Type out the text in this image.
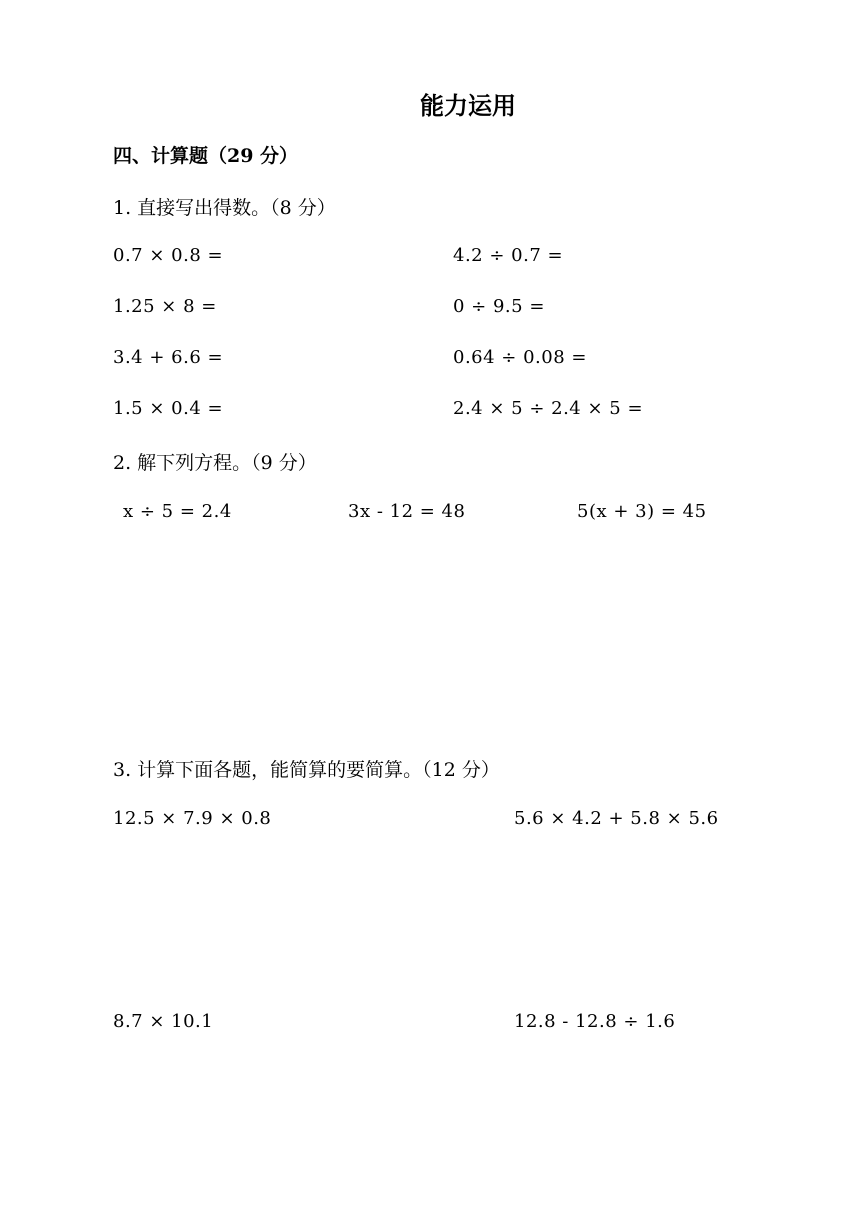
能力运用
四、计算题（29 分）
1. 直接写出得数。（8 分）
0.7 × 0.8 =	4.2 ÷ 0.7 =
1.25 × 8 =	0 ÷ 9.5 =
3.4 + 6.6 =	0.64 ÷ 0.08 =
1.5 × 0.4 =	2.4 × 5 ÷ 2.4 × 5 =
2. 解下列方程。（9 分）
x ÷ 5 = 2.4	3x - 12 = 48	5(x + 3) = 45
3. 计算下面各题，能简算的要简算。（12 分）
12.5 × 7.9 × 0.8	5.6 × 4.2 + 5.8 × 5.6
8.7 × 10.1	12.8 - 12.8 ÷ 1.6
